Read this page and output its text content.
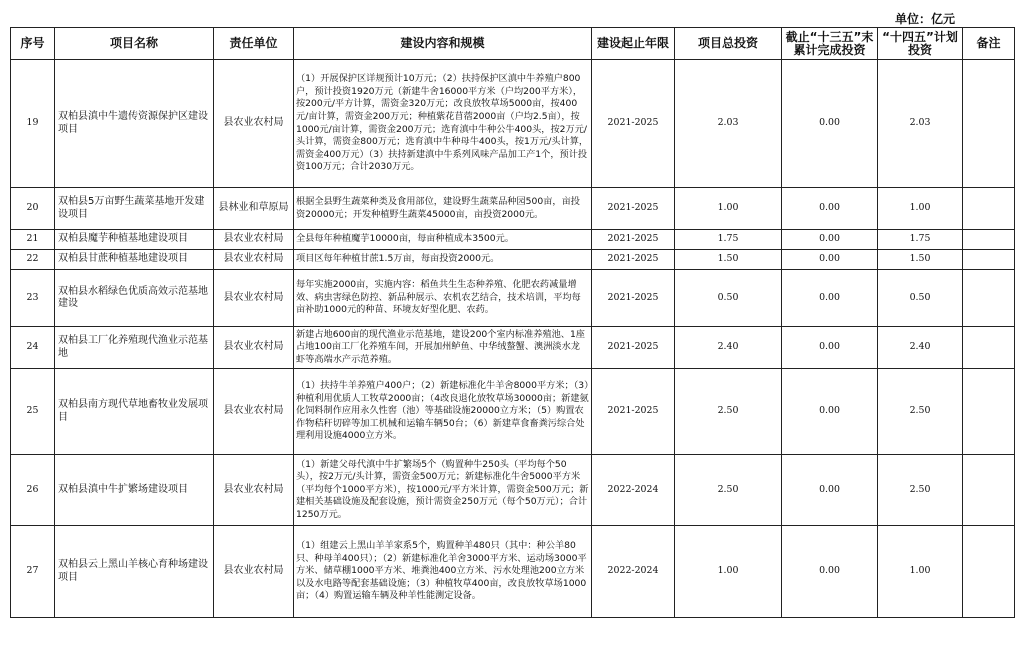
单位：亿元
序号	项目名称	责任单位	建设内容和规模	建设起止年限	项目总投资	截止“十三五”末累计完成投资	“十四五”计划投资	备注
19	双柏县滇中牛遗传资源保护区建设项目	县农业农村局	（1）开展保护区详规预计10万元；（2）扶持保护区滇中牛养殖户800户，预计投资1920万元（新建牛舍16000平方米（户均200平方米），按200元/平方计算，需资金320万元；改良放牧草场5000亩，按400元/亩计算，需资金200万元；种植紫花苜蓿2000亩（户均2.5亩），按1000元/亩计算，需资金200万元；选育滇中牛种公牛400头，按2万元/头计算，需资金800万元；选育滇中牛种母牛400头，按1万元/头计算，需资金400万元）（3）扶持新建滇中牛系列风味产品加工产1个，预计投资100万元；合计2030万元。	2021-2025	2.03	0.00	2.03	
20	双柏县5万亩野生蔬菜基地开发建设项目	县林业和草原局	根据全县野生蔬菜种类及食用部位，建设野生蔬菜品种园500亩，亩投资20000元；开发种植野生蔬菜45000亩，亩投资2000元。	2021-2025	1.00	0.00	1.00	
21	双柏县魔芋种植基地建设项目	县农业农村局	全县每年种植魔芋10000亩，每亩种植成本3500元。	2021-2025	1.75	0.00	1.75	
22	双柏县甘蔗种植基地建设项目	县农业农村局	项目区每年种植甘蔗1.5万亩，每亩投资2000元。	2021-2025	1.50	0.00	1.50	
23	双柏县水稻绿色优质高效示范基地建设	县农业农村局	每年实施2000亩，实施内容：稻鱼共生生态种养殖、化肥农药减量增效、病虫害绿色防控、新品种展示、农机农艺结合，技术培训，平均每亩补助1000元的种苗、环境友好型化肥、农药。	2021-2025	0.50	0.00	0.50	
24	双柏县工厂化养殖现代渔业示范基地	县农业农村局	新建占地600亩的现代渔业示范基地，建设200个室内标准养殖池、1座占地100亩工厂化养殖车间，开展加州鲈鱼、中华绒螯蟹、澳洲淡水龙虾等高端水产示范养殖。	2021-2025	2.40	0.00	2.40	
25	双柏县南方现代草地畜牧业发展项目	县农业农村局	（1）扶持牛羊养殖户400户；（2）新建标准化牛羊舍8000平方米；（3）种植利用优质人工牧草2000亩；（4改良退化放牧草场30000亩；新建氨化饲料制作应用永久性窖（池）等基础设施20000立方米；（5）购置农作物秸秆切碎等加工机械和运输车辆50台；（6）新建草食畜粪污综合处理利用设施4000立方米。	2021-2025	2.50	0.00	2.50	
26	双柏县滇中牛扩繁场建设项目	县农业农村局	（1）新建父母代滇中牛扩繁场5个（购置种牛250头（平均每个50头），按2万元/头计算，需资金500万元；新建标准化牛舍5000平方米（平均每个1000平方米），按1000元/平方米计算，需资金500万元；新建相关基础设施及配套设施，预计需资金250万元（每个50万元）；合计1250万元。	2022-2024	2.50	0.00	2.50	
27	双柏县云上黑山羊核心育种场建设项目	县农业农村局	（1）组建云上黑山羊羊家系5个，购置种羊480只（其中：种公羊80只、种母羊400只）；（2）新建标准化羊舍3000平方米、运动场3000平方米、储草棚1000平方米、堆粪池400立方米、污水处理池200立方米以及水电路等配套基础设施；（3）种植牧草400亩，改良放牧草场1000亩；（4）购置运输车辆及种羊性能测定设备。	2022-2024	1.00	0.00	1.00	
